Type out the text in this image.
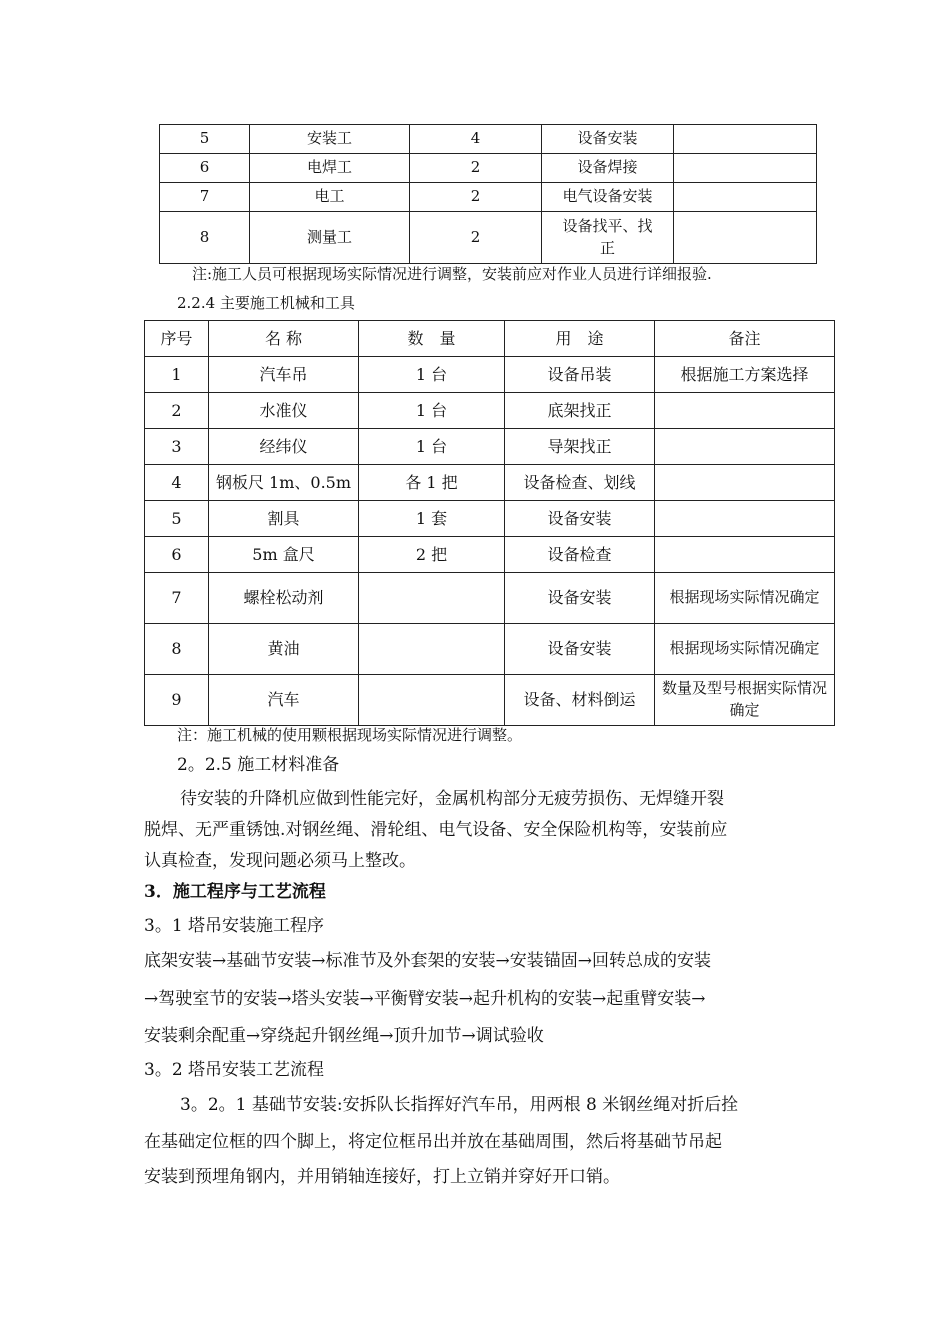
5	安装工	4	设备安装	
6	电焊工	2	设备焊接	
7	电工	2	电气设备安装	
8	测量工	2	设备找平、找正	
注:施工人员可根据现场实际情况进行调整，安装前应对作业人员进行详细报验.
2.2.4 主要施工机械和工具
序号	名 称	数　量	用　途	备注
1	汽车吊	1 台	设备吊装	根据施工方案选择
2	水准仪	1 台	底架找正	
3	经纬仪	1 台	导架找正	
4	钢板尺 1m、0.5m	各 1 把	设备检查、划线	
5	割具	1 套	设备安装	
6	5m 盒尺	2 把	设备检查	
7	螺栓松动剂		设备安装	根据现场实际情况确定
8	黄油		设备安装	根据现场实际情况确定
9	汽车		设备、材料倒运	数量及型号根据实际情况确定
注：施工机械的使用颗根据现场实际情况进行调整。
2。2.5 施工材料准备
待安装的升降机应做到性能完好，金属机构部分无疲劳损伤、无焊缝开裂
脱焊、无严重锈蚀.对钢丝绳、滑轮组、电气设备、安全保险机构等，安装前应
认真检查，发现问题必须马上整改。
3．施工程序与工艺流程
3。1 塔吊安装施工程序
底架安装→基础节安装→标准节及外套架的安装→安装锚固→回转总成的安装
→驾驶室节的安装→塔头安装→平衡臂安装→起升机构的安装→起重臂安装→
安装剩余配重→穿绕起升钢丝绳→顶升加节→调试验收
3。2 塔吊安装工艺流程
3。2。1 基础节安装:安拆队长指挥好汽车吊，用两根 8 米钢丝绳对折后拴
在基础定位框的四个脚上，将定位框吊出并放在基础周围，然后将基础节吊起
安装到预埋角钢内，并用销轴连接好，打上立销并穿好开口销。
